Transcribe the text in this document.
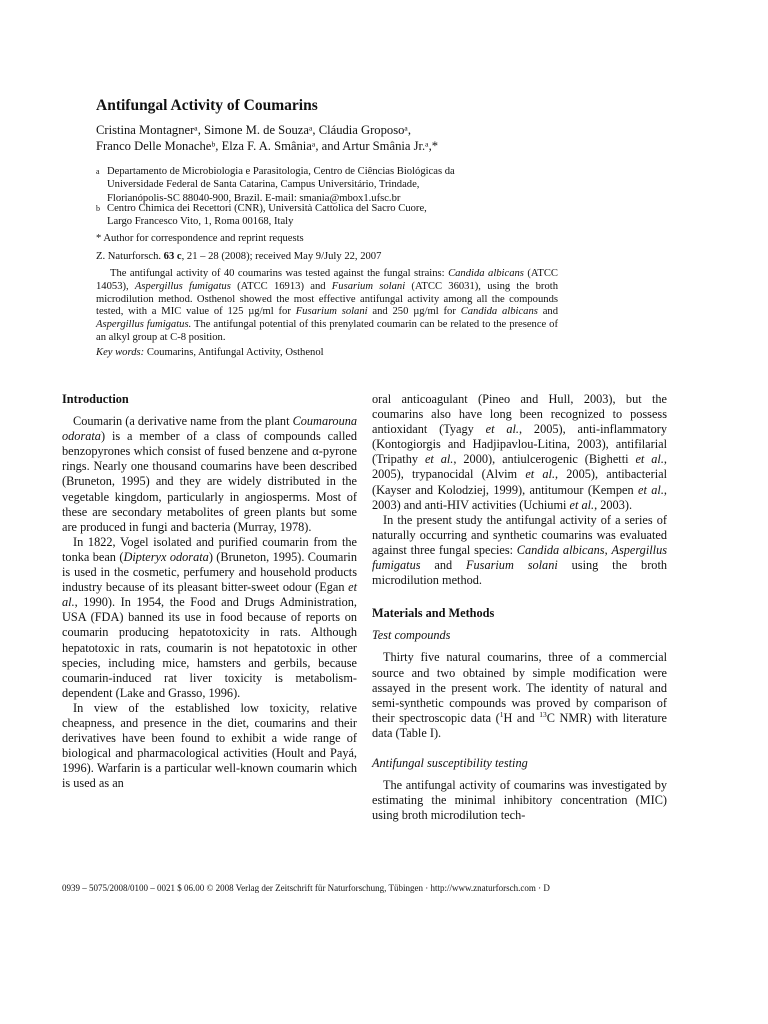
Antifungal Activity of Coumarins
Cristina Montagnerᵃ, Simone M. de Souzaᵃ, Cláudia Groposoᵃ,
Franco Delle Monacheᵇ, Elza F. A. Smâniaᵃ, and Artur Smânia Jr.ᵃ,*
a Departamento de Microbiologia e Parasitologia, Centro de Ciências Biológicas da
Universidade Federal de Santa Catarina, Campus Universitário, Trindade,
Florianópolis-SC 88040-900, Brazil. E-mail: smania@mbox1.ufsc.br
b Centro Chimica dei Recettori (CNR), Università Cattolica del Sacro Cuore,
Largo Francesco Vito, 1, Roma 00168, Italy
* Author for correspondence and reprint requests
Z. Naturforsch. 63 c, 21 – 28 (2008); received May 9/July 22, 2007
The antifungal activity of 40 coumarins was tested against the fungal strains: Candida albicans (ATCC 14053), Aspergillus fumigatus (ATCC 16913) and Fusarium solani (ATCC 36031), using the broth microdilution method. Osthenol showed the most effective antifungal activity among all the compounds tested, with a MIC value of 125 µg/ml for Fusarium solani and 250 µg/ml for Candida albicans and Aspergillus fumigatus. The antifungal potential of this prenylated coumarin can be related to the presence of an alkyl group at C-8 position.
Key words: Coumarins, Antifungal Activity, Osthenol
Introduction

Coumarin (a derivative name from the plant Coumarouna odorata) is a member of a class of compounds called benzopyrones which consist of fused benzene and α-pyrone rings. Nearly one thousand coumarins have been described (Bruneton, 1995) and they are widely distributed in the vegetable kingdom, particularly in angiosperms. Most of these are secondary metabolites of green plants but some are produced in fungi and bacteria (Murray, 1978).

In 1822, Vogel isolated and purified coumarin from the tonka bean (Dipteryx odorata) (Bruneton, 1995). Coumarin is used in the cosmetic, perfumery and household products industry because of its pleasant bitter-sweet odour (Egan et al., 1990). In 1954, the Food and Drugs Administration, USA (FDA) banned its use in food because of reports on coumarin producing hepatotoxicity in rats. Although hepatotoxic in rats, coumarin is not hepatotoxic in other species, including mice, hamsters and gerbils, because coumarin-induced rat liver toxicity is metabolism-dependent (Lake and Grasso, 1996).

In view of the established low toxicity, relative cheapness, and presence in the diet, coumarins and their derivatives have been found to exhibit a wide range of biological and pharmacological activities (Hoult and Payá, 1996). Warfarin is a particular well-known coumarin which is used as an

oral anticoagulant (Pineo and Hull, 2003), but the coumarins also have long been recognized to possess antioxidant (Tyagy et al., 2005), anti-inflammatory (Kontogiorgis and Hadjipavlou-Litina, 2003), antifilarial (Tripathy et al., 2000), antiulcerogenic (Bighetti et al., 2005), trypanocidal (Alvim et al., 2005), antibacterial (Kayser and Kolodziej, 1999), antitumour (Kempen et al., 2003) and anti-HIV activities (Uchiumi et al., 2003).

In the present study the antifungal activity of a series of naturally occurring and synthetic coumarins was evaluated against three fungal species: Candida albicans, Aspergillus fumigatus and Fusarium solani using the broth microdilution method.

Materials and Methods
Test compounds

Thirty five natural coumarins, three of a commercial source and two obtained by simple modification were assayed in the present work. The identity of natural and semi-synthetic compounds was proved by comparison of their spectroscopic data ($^1$H and $^{13}$C NMR) with literature data (Table I).

Antifungal susceptibility testing

The antifungal activity of coumarins was investigated by estimating the minimal inhibitory concentration (MIC) using broth microdilution tech-

0939 – 5075/2008/0100 – 0021 $ 06.00 © 2008 Verlag der Zeitschrift für Naturforschung, Tübingen · http://www.znaturforsch.com · D
